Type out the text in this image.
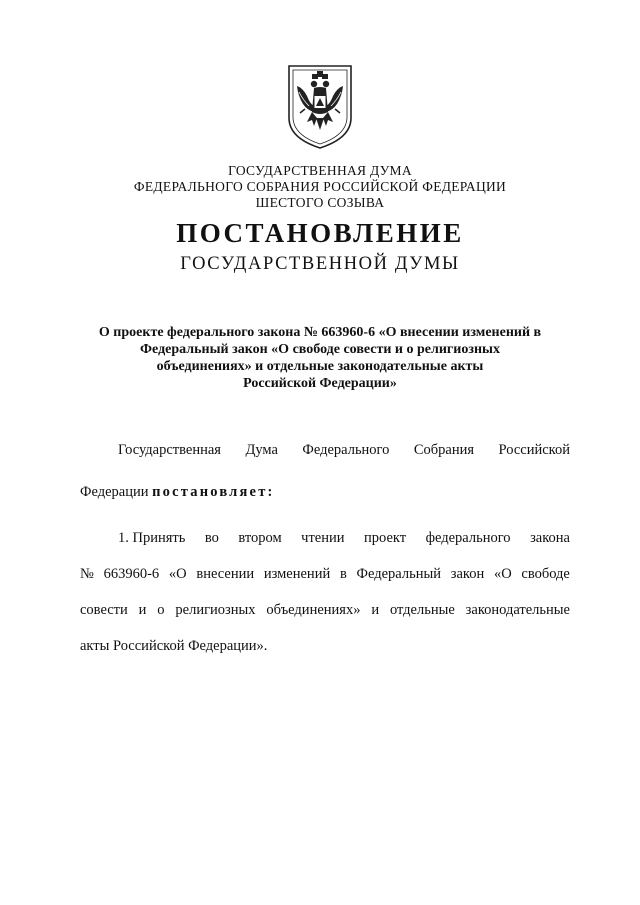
ГОСУДАРСТВЕННАЯ ДУМА
ФЕДЕРАЛЬНОГО СОБРАНИЯ РОССИЙСКОЙ ФЕДЕРАЦИИ
ШЕСТОГО СОЗЫВА
ПОСТАНОВЛЕНИЕ
ГОСУДАРСТВЕННОЙ ДУМЫ
О проекте федерального закона № 663960-6 «О внесении изменений в
Федеральный закон «О свободе совести и о религиозных
объединениях» и отдельные законодательные акты
Российской Федерации»
Государственная Дума Федерального Собрания Российской
Федерации
постановляет:
1. Принять во втором чтении проект федерального закона
№ 663960-6 «О внесении изменений в Федеральный закон «О свободе
совести и о религиозных объединениях» и отдельные законодательные
акты Российской Федерации».
